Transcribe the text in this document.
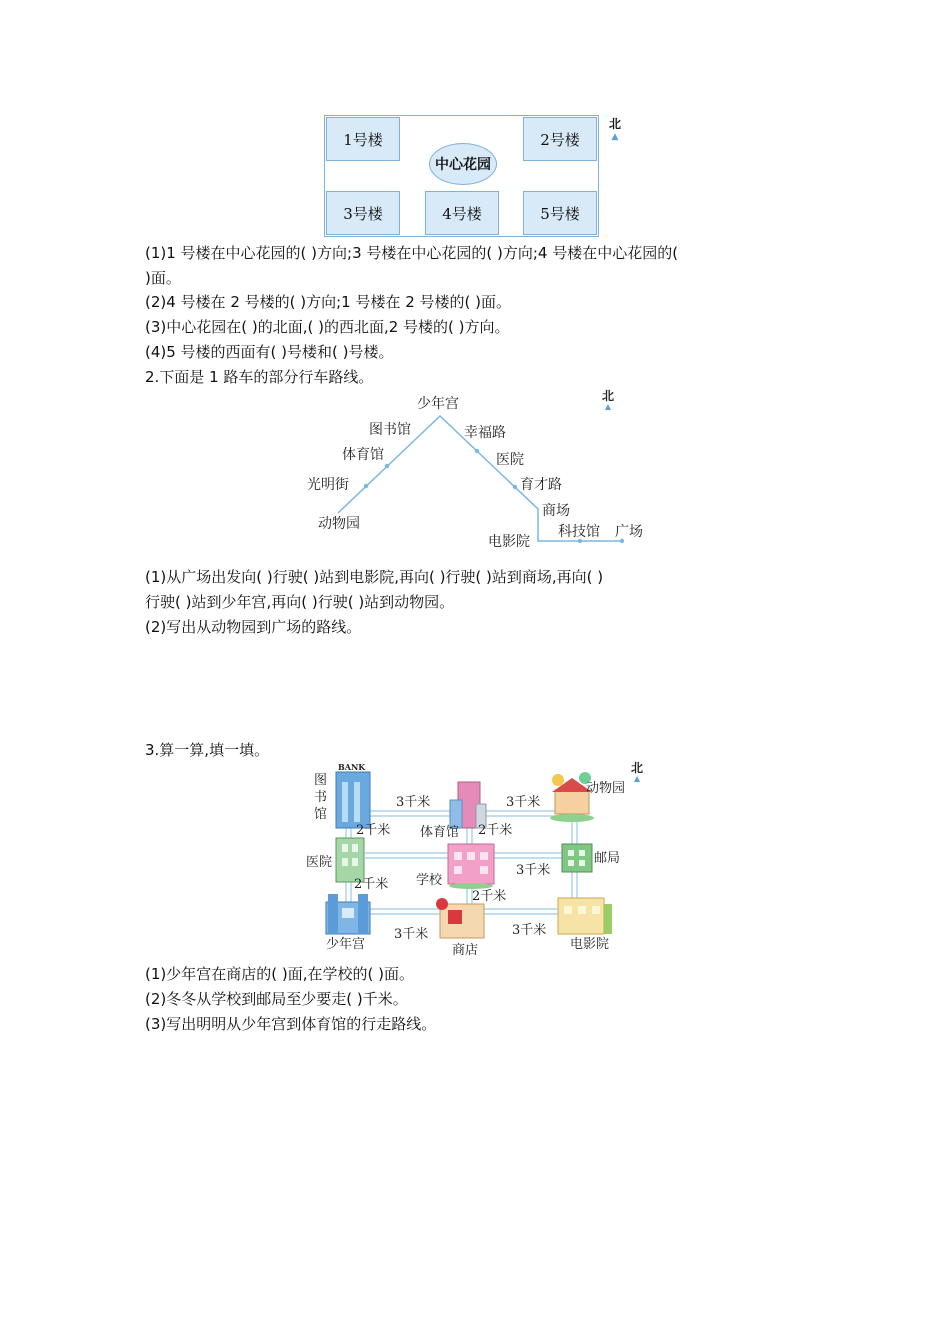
1号楼	2号楼
3号楼	4号楼	5号楼
中心花园
北
▲
(1)1 号楼在中心花园的( )方向;3 号楼在中心花园的( )方向;4 号楼在中心花园的(
)面。
(2)4 号楼在 2 号楼的( )方向;1 号楼在 2 号楼的( )面。
(3)中心花园在( )的北面,( )的西北面,2 号楼的( )方向。
(4)5 号楼的西面有( )号楼和( )号楼。
2.下面是 1 路车的部分行车路线。
少年宫
图书馆
体育馆
光明街
动物园
幸福路
医院
育才路
商场
电影院
科技馆 广场
北
(1)从广场出发向( )行驶( )站到电影院,再向( )行驶( )站到商场,再向( )
行驶( )站到少年宫,再向( )行驶( )站到动物园。
(2)写出从动物园到广场的路线。
3.算一算,填一填。
BANK
图
书
馆
体育馆
动物园
医院
学校
邮局
少年宫	商店	电影院
3千米	3千米
2千米	2千米
3千米
2千米
2千米
3千米	3千米
北
(1)少年宫在商店的( )面,在学校的( )面。
(2)冬冬从学校到邮局至少要走( )千米。
(3)写出明明从少年宫到体育馆的行走路线。
